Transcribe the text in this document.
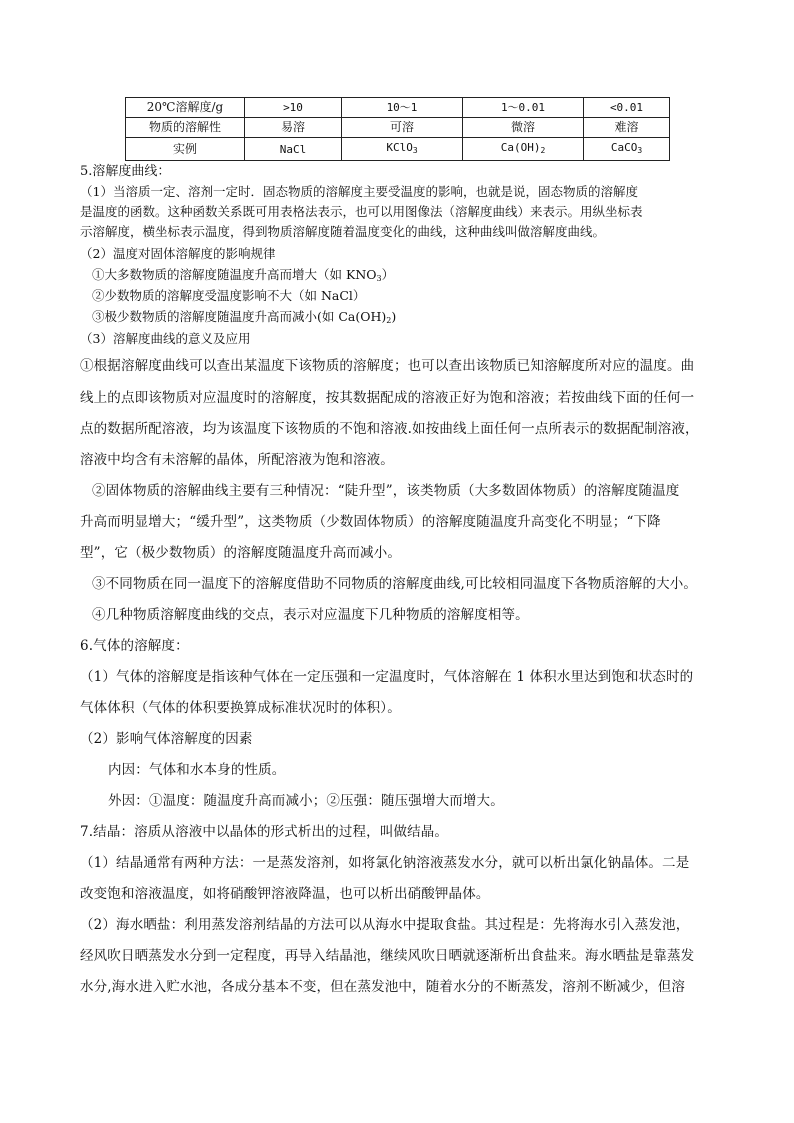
20℃溶解度/g	>10	10～1	1～0.01	<0.01
物质的溶解性	易溶	可溶	微溶	难溶
实例	NaCl	KClO$_3$	$Ca(OH)_2$	CaCO$_3$
5.溶解度曲线：
（1）当溶质一定、溶剂一定时．固态物质的溶解度主要受温度的影响，也就是说，固态物质的溶解度
是温度的函数。这种函数关系既可用表格法表示，也可以用图像法（溶解度曲线）来表示。用纵坐标表
示溶解度，横坐标表示温度，得到物质溶解度随着温度变化的曲线，这种曲线叫做溶解度曲线。
（2）温度对固体溶解度的影响规律
①大多数物质的溶解度随温度升高而增大（如 $KNO_3$）
②少数物质的溶解度受温度影响不大（如 NaCl）
③极少数物质的溶解度随温度升高而减小(如 $Ca(OH)_2$)
（3）溶解度曲线的意义及应用
①根据溶解度曲线可以查出某温度下该物质的溶解度；也可以查出该物质已知溶解度所对应的温度。曲
线上的点即该物质对应温度时的溶解度，按其数据配成的溶液正好为饱和溶液；若按曲线下面的任何一
点的数据所配溶液，均为该温度下该物质的不饱和溶液.如按曲线上面任何一点所表示的数据配制溶液，
溶液中均含有未溶解的晶体，所配溶液为饱和溶液。
②固体物质的溶解曲线主要有三种情况：“陡升型”，该类物质（大多数固体物质）的溶解度随温度
升高而明显增大；“缓升型”，这类物质（少数固体物质）的溶解度随温度升高变化不明显；“下降
型”，它（极少数物质）的溶解度随温度升高而减小。
③不同物质在同一温度下的溶解度借助不同物质的溶解度曲线,可比较相同温度下各物质溶解的大小。
④几种物质溶解度曲线的交点，表示对应温度下几种物质的溶解度相等。
6.气体的溶解度：
（1）气体的溶解度是指该种气体在一定压强和一定温度时，气体溶解在 1 体积水里达到饱和状态时的
气体体积（气体的体积要换算成标准状况时的体积）。
（2）影响气体溶解度的因素
内因：气体和水本身的性质。
外因：①温度：随温度升高而减小；②压强：随压强增大而增大。
7.结晶：溶质从溶液中以晶体的形式析出的过程，叫做结晶。
（1）结晶通常有两种方法：一是蒸发溶剂，如将氯化钠溶液蒸发水分，就可以析出氯化钠晶体。二是
改变饱和溶液温度，如将硝酸钾溶液降温，也可以析出硝酸钾晶体。
（2）海水晒盐：利用蒸发溶剂结晶的方法可以从海水中提取食盐。其过程是：先将海水引入蒸发池，
经风吹日晒蒸发水分到一定程度，再导入结晶池，继续风吹日晒就逐渐析出食盐来。海水晒盐是靠蒸发
水分,海水进入贮水池，各成分基本不变，但在蒸发池中，随着水分的不断蒸发，溶剂不断减少，但溶
